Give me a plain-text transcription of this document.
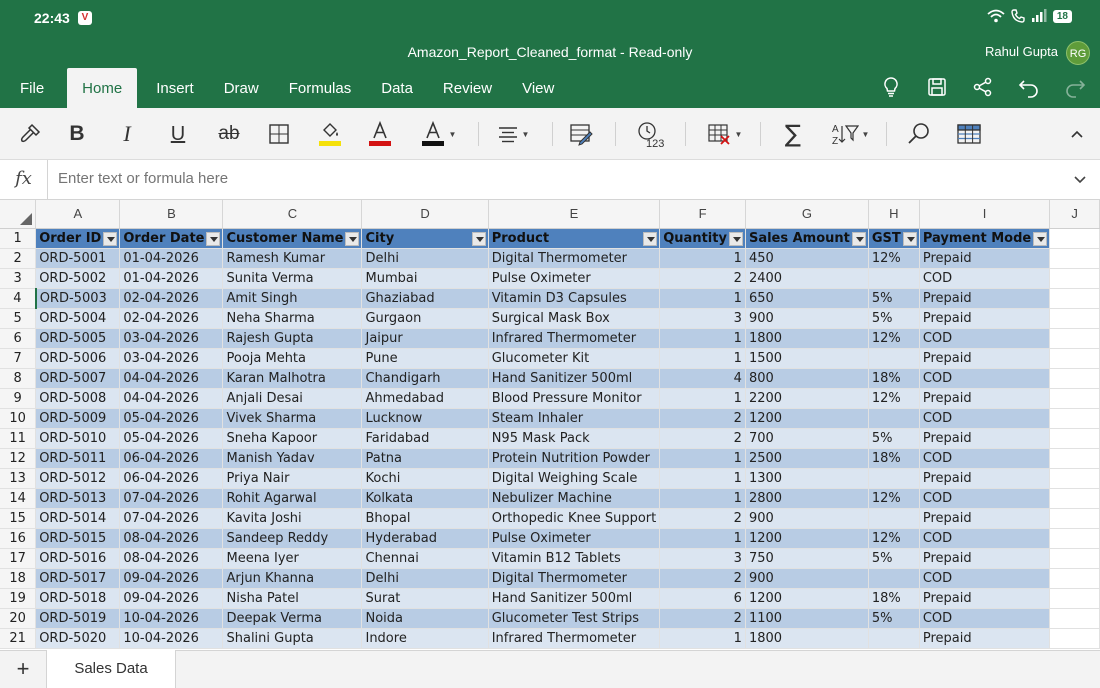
22:43	V	18
Amazon_Report_Cleaned_format - Read-only	Rahul Gupta	RG
File	Home	Insert	Draw	Formulas	Data	Review	View
B	I	U	ab	▼	▼
123
▼ ∑	A
Z
▼
fx
Enter text or formula here
	A	B	C	D	E	F	G	H	I	J
1	Order ID	Order Date	Customer Name	City	Product	Quantity	Sales Amount	GST	Payment Mode

2	ORD-5001	01-04-2026	Ramesh Kumar	Delhi	Digital Thermometer	1	450	12%	Prepaid	
3	ORD-5002	01-04-2026	Sunita Verma	Mumbai	Pulse Oximeter	2	2400		COD	
4	ORD-5003	02-04-2026	Amit Singh	Ghaziabad	Vitamin D3 Capsules	1	650	5%	Prepaid	
5	ORD-5004	02-04-2026	Neha Sharma	Gurgaon	Surgical Mask Box	3	900	5%	Prepaid	
6	ORD-5005	03-04-2026	Rajesh Gupta	Jaipur	Infrared Thermometer	1	1800	12%	COD	
7	ORD-5006	03-04-2026	Pooja Mehta	Pune	Glucometer Kit	1	1500		Prepaid	
8	ORD-5007	04-04-2026	Karan Malhotra	Chandigarh	Hand Sanitizer 500ml	4	800	18%	COD	
9	ORD-5008	04-04-2026	Anjali Desai	Ahmedabad	Blood Pressure Monitor	1	2200	12%	Prepaid	
10	ORD-5009	05-04-2026	Vivek Sharma	Lucknow	Steam Inhaler	2	1200		COD	
11	ORD-5010	05-04-2026	Sneha Kapoor	Faridabad	N95 Mask Pack	2	700	5%	Prepaid	
12	ORD-5011	06-04-2026	Manish Yadav	Patna	Protein Nutrition Powder	1	2500	18%	COD	
13	ORD-5012	06-04-2026	Priya Nair	Kochi	Digital Weighing Scale	1	1300		Prepaid	
14	ORD-5013	07-04-2026	Rohit Agarwal	Kolkata	Nebulizer Machine	1	2800	12%	COD	
15	ORD-5014	07-04-2026	Kavita Joshi	Bhopal	Orthopedic Knee Support	2	900		Prepaid	
16	ORD-5015	08-04-2026	Sandeep Reddy	Hyderabad	Pulse Oximeter	1	1200	12%	COD	
17	ORD-5016	08-04-2026	Meena Iyer	Chennai	Vitamin B12 Tablets	3	750	5%	Prepaid	
18	ORD-5017	09-04-2026	Arjun Khanna	Delhi	Digital Thermometer	2	900		COD	
19	ORD-5018	09-04-2026	Nisha Patel	Surat	Hand Sanitizer 500ml	6	1200	18%	Prepaid	
20	ORD-5019	10-04-2026	Deepak Verma	Noida	Glucometer Test Strips	2	1100	5%	COD	
21	ORD-5020	10-04-2026	Shalini Gupta	Indore	Infrared Thermometer	1	1800		Prepaid	
+	Sales Data
